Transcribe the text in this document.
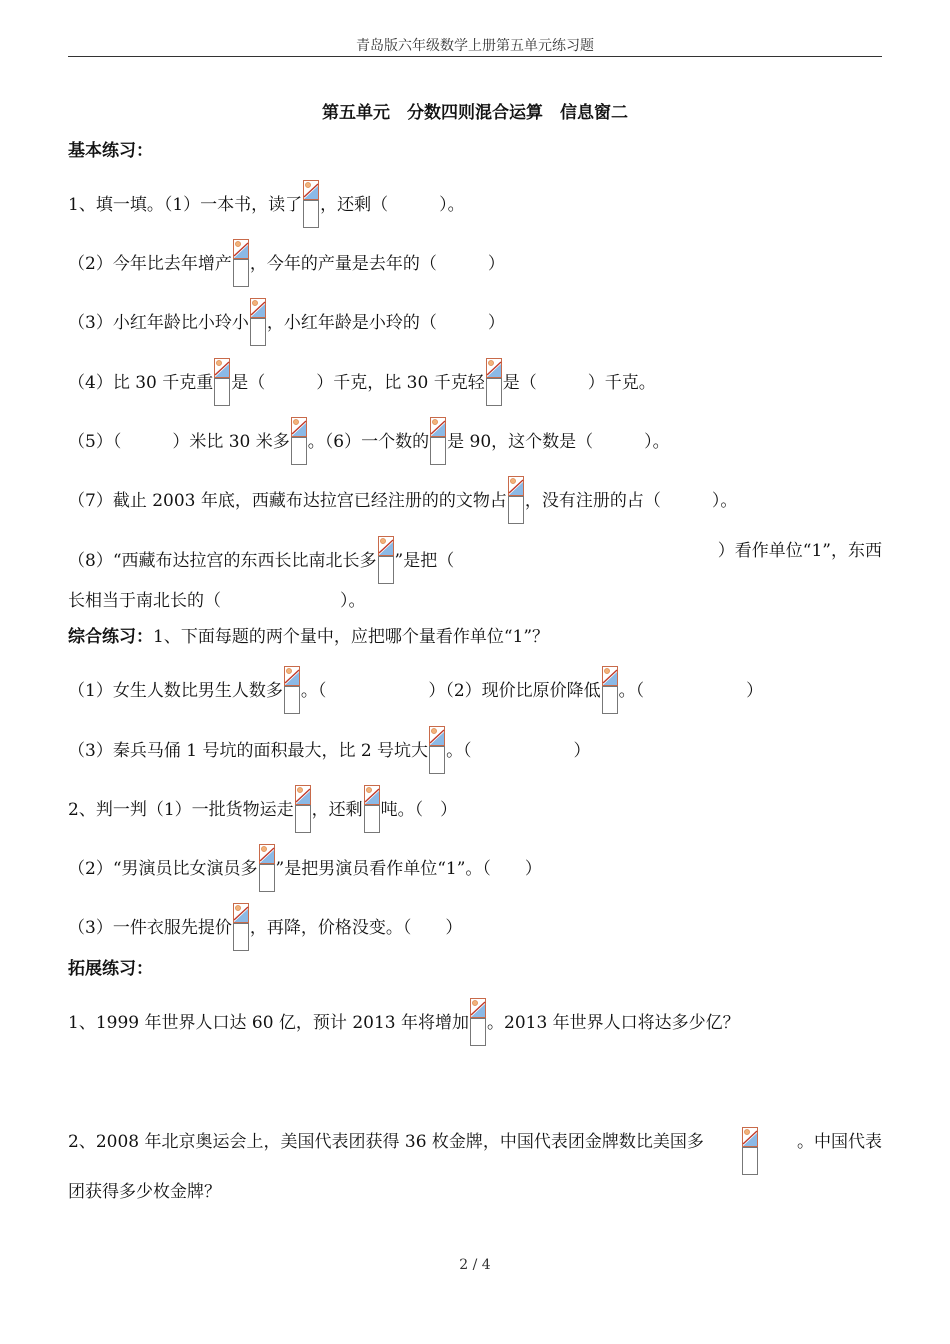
青岛版六年级数学上册第五单元练习题
第五单元　分数四则混合运算　信息窗二
基本练习：
1、填一填。（1）一本书，读了 ，还剩（　　　）。
（2）今年比去年增产 ，今年的产量是去年的（　　　）
（3）小红年龄比小玲小 ，小红年龄是小玲的（　　　）
（4）比 30 千克重 是（　　　）千克，比 30 千克轻 是（　　　）千克。
（5）（　　　）米比 30 米多 。（6）一个数的 是 90，这个数是（　　　）。
（7）截止 2003 年底，西藏布达拉宫已经注册的的文物占 ，没有注册的占（　　　）。
（8）“西藏布达拉宫的东西长比南北长多 ”是把（	）看作单位“1”，东西
长相当于南北长的（　　　　　　　）。
综合练习：1、下面每题的两个量中，应把哪个量看作单位“1”？
（1）女生人数比男生人数多 。（　　　　　　）（2）现价比原价降低 。（　　　　　　）
（3）秦兵马俑 1 号坑的面积最大，比 2 号坑大 。（　　　　　　）
2、判一判（1）一批货物运走 ，还剩 吨。（　）
（2）“男演员比女演员多 ”是把男演员看作单位“1”。（　　）
（3）一件衣服先提价 ，再降，价格没变。（　　）
拓展练习：
1、1999 年世界人口达 60 亿，预计 2013 年将增加 。2013 年世界人口将达多少亿？
2、2008 年北京奥运会上，美国代表团获得 36 枚金牌，中国代表团金牌数比美国多	。中国代表
团获得多少枚金牌？
2 / 4
